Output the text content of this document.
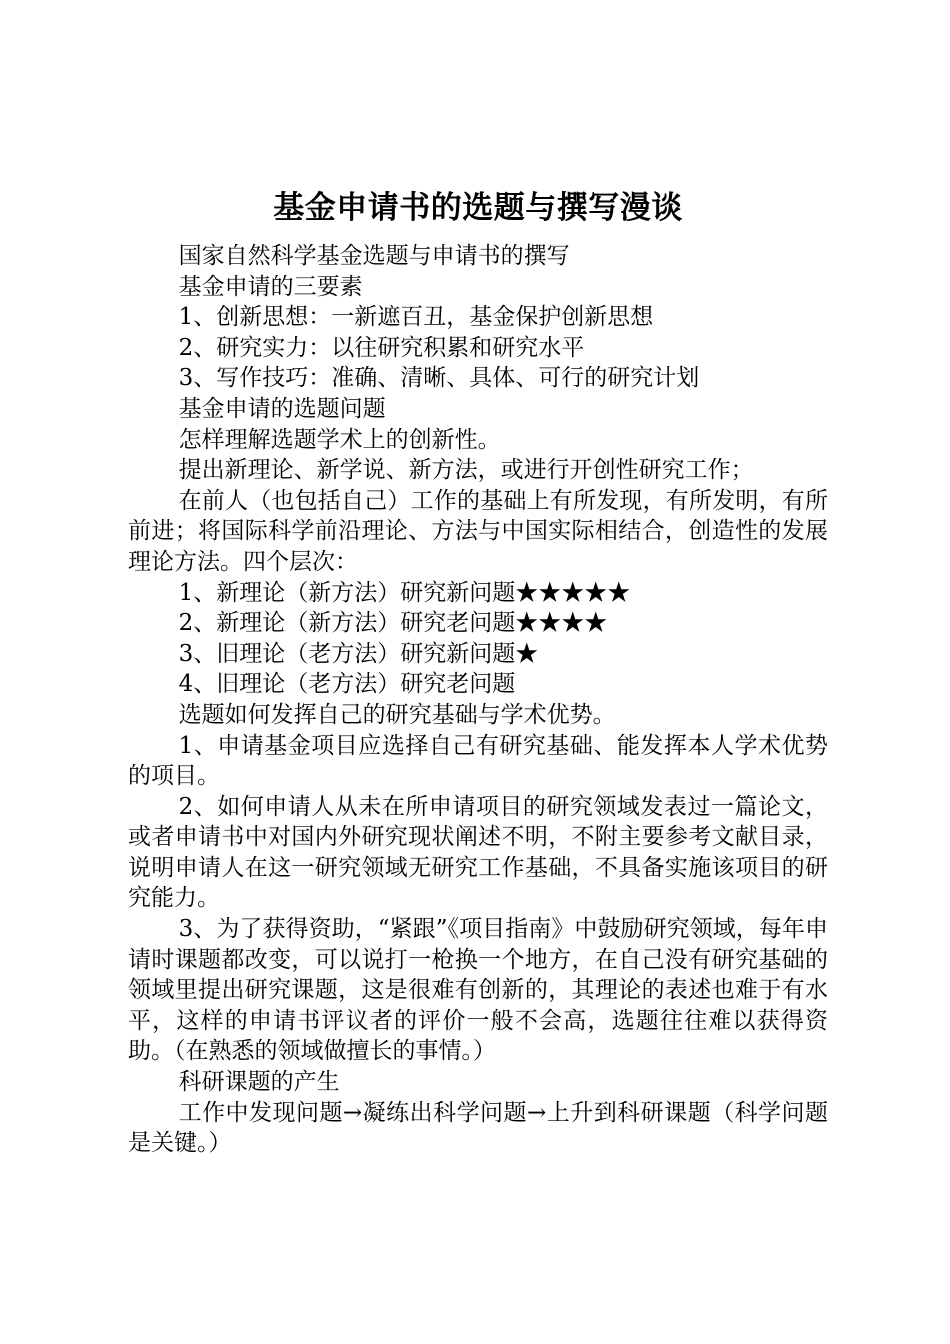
基金申请书的选题与撰写漫谈

国家自然科学基金选题与申请书的撰写

基金申请的三要素

1、创新思想：一新遮百丑，基金保护创新思想

2、研究实力：以往研究积累和研究水平

3、写作技巧：准确、清晰、具体、可行的研究计划

基金申请的选题问题

怎样理解选题学术上的创新性。

提出新理论、新学说、新方法，或进行开创性研究工作；

在前人（也包括自己）工作的基础上有所发现，有所发明，有所前进；将国际科学前沿理论、方法与中国实际相结合，创造性的发展理论方法。四个层次：

1、新理论（新方法）研究新问题★★★★★

2、新理论（新方法）研究老问题★★★★

3、旧理论（老方法）研究新问题★

4、旧理论（老方法）研究老问题

选题如何发挥自己的研究基础与学术优势。

1、申请基金项目应选择自己有研究基础、能发挥本人学术优势的项目。

2、如何申请人从未在所申请项目的研究领域发表过一篇论文，或者申请书中对国内外研究现状阐述不明，不附主要参考文献目录，说明申请人在这一研究领域无研究工作基础，不具备实施该项目的研究能力。

3、为了获得资助，“紧跟”《项目指南》中鼓励研究领域，每年申请时课题都改变，可以说打一枪换一个地方，在自己没有研究基础的领域里提出研究课题，这是很难有创新的，其理论的表述也难于有水平，这样的申请书评议者的评价一般不会高，选题往往难以获得资助。（在熟悉的领域做擅长的事情。）

科研课题的产生

工作中发现问题→凝练出科学问题→上升到科研课题（科学问题是关键。）
